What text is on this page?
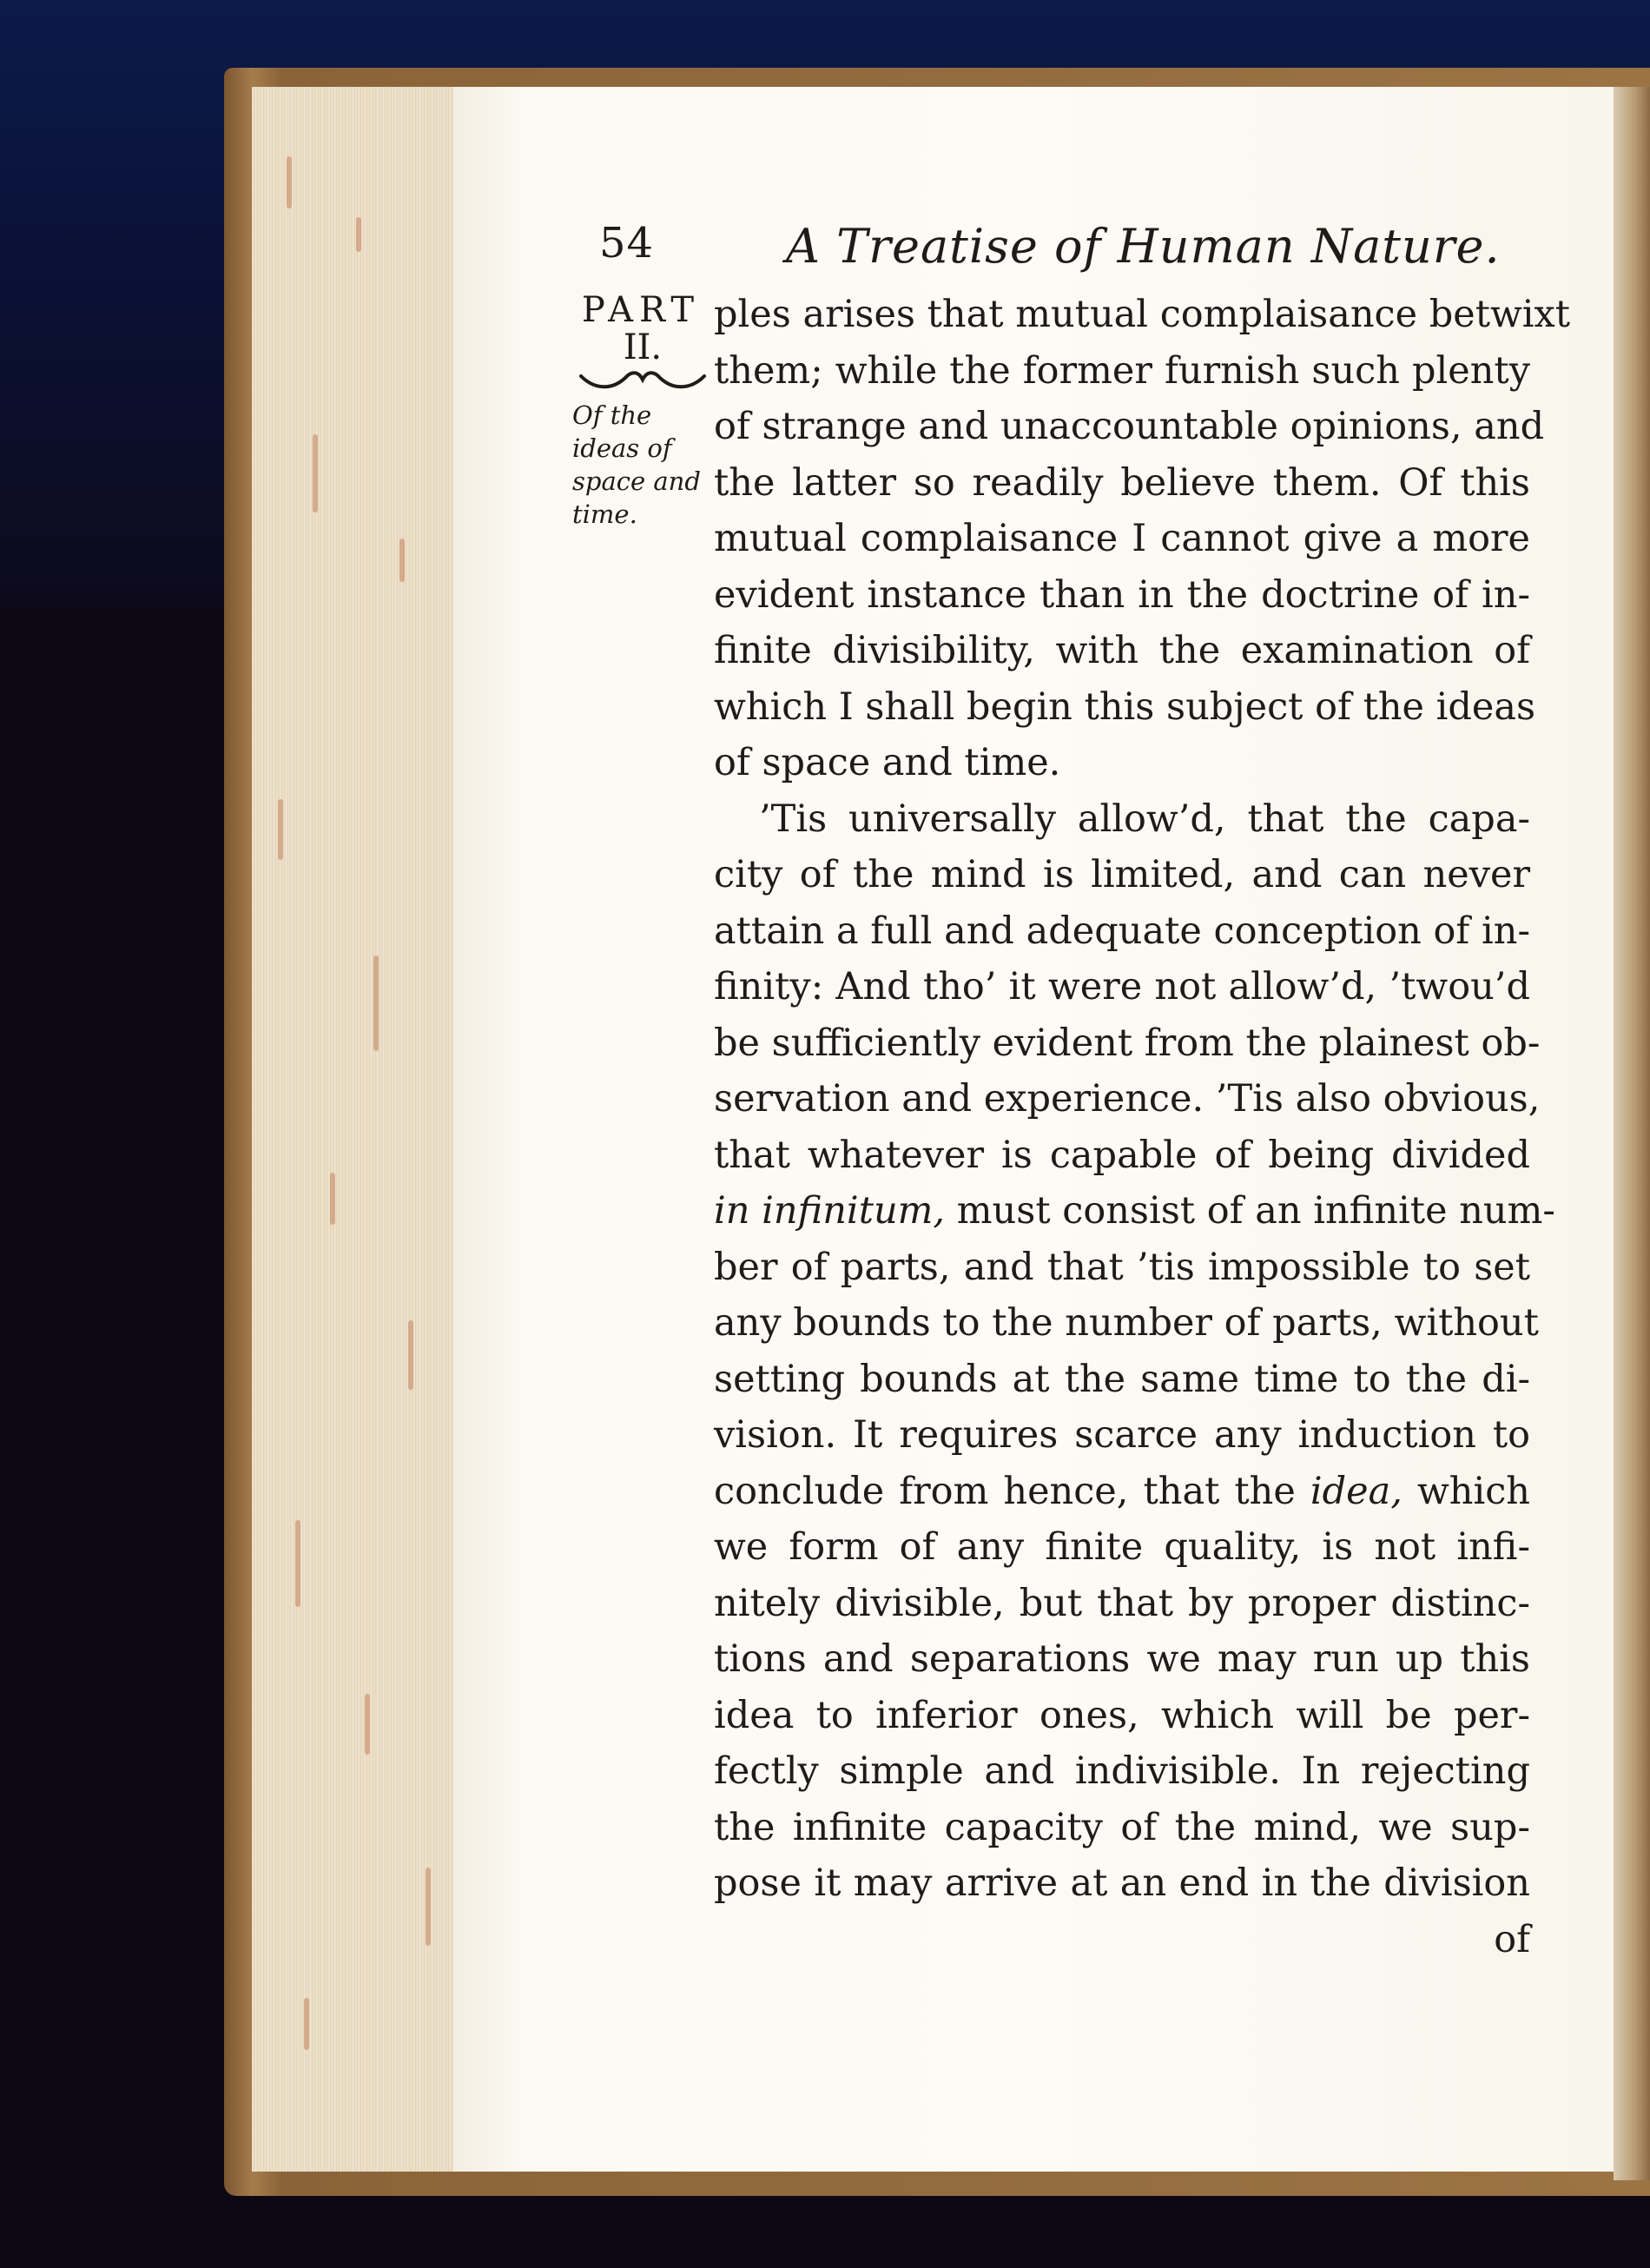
54	A Treatise of Human Nature.
PART
II.
Of the
ideas of
space and
time.
ples arises that mutual complaisance betwixt
them; while the former furnish such plenty
of strange and unaccountable opinions, and
the latter so readily believe them. Of this
mutual complaisance I cannot give a more
evident instance than in the doctrine of in-
finite divisibility, with the examination of
which I shall begin this subject of the ideas
of space and time.
’Tis universally allow’d, that the capa-
city of the mind is limited, and can never
attain a full and adequate conception of in-
finity: And tho’ it were not allow’d, ’twou’d
be sufficiently evident from the plainest ob-
servation and experience. ’Tis also obvious,
that whatever is capable of being divided
in infinitum, must consist of an infinite num-
ber of parts, and that ’tis impossible to set
any bounds to the number of parts, without
setting bounds at the same time to the di-
vision. It requires scarce any induction to
conclude from hence, that the idea, which
we form of any finite quality, is not infi-
nitely divisible, but that by proper distinc-
tions and separations we may run up this
idea to inferior ones, which will be per-
fectly simple and indivisible. In rejecting
the infinite capacity of the mind, we sup-
pose it may arrive at an end in the division
of
